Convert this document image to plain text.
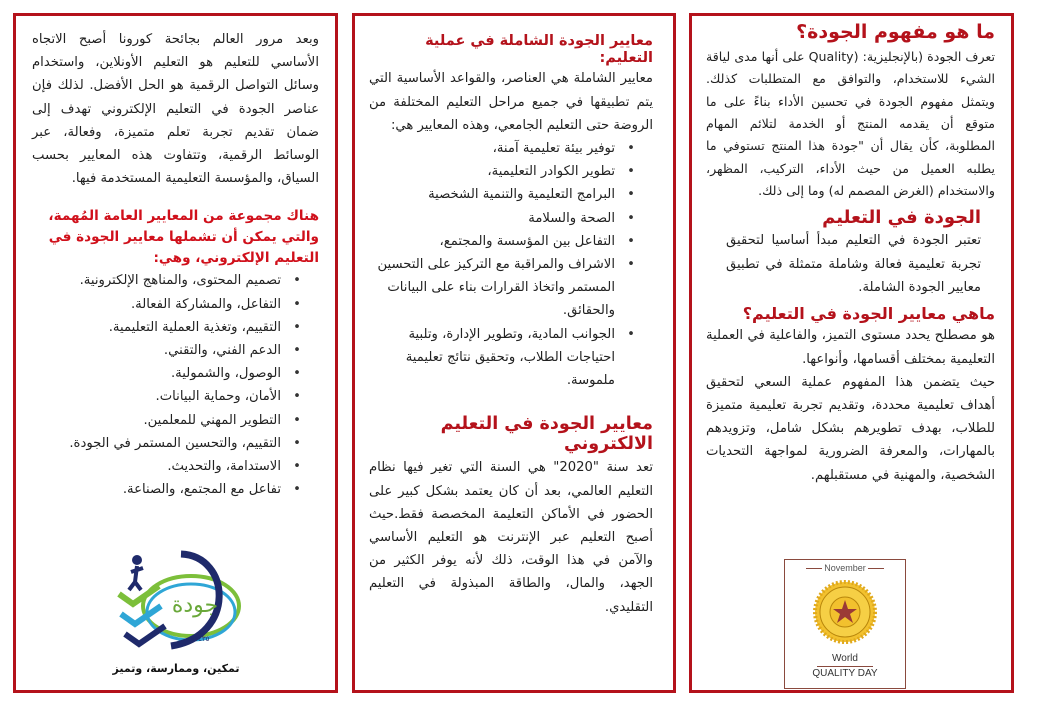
ما هو مفهوم الجودة؟

تعرف الجودة (بالإنجليزية: (Quality على أنها مدى لياقة الشيء للاستخدام، والتوافق مع المتطلبات كذلك. ويتمثل مفهوم الجودة في تحسين الأداء بناءً على ما متوقع أن يقدمه المنتج أو الخدمة لتلائم المهام المطلوبة، كأن يقال أن "جودة هذا المنتج تستوفي ما يطلبه العميل من حيث الأداء، التركيب، المظهر، والاستخدام (الغرض المصمم له) وما إلى ذلك.

الجودة في التعليم

تعتبر الجودة في التعليم مبدأ أساسيا لتحقيق تجربة تعليمية فعالة وشاملة متمثلة في تطبيق معايير الجودة الشاملة.

ماهي معايير الجودة في التعليم؟

هو مصطلح يحدد مستوى التميز، والفاعلية في العملية التعليمية بمختلف أقسامها، وأنواعها.

حيث يتضمن هذا المفهوم عملية السعي لتحقيق أهداف تعليمية محددة، وتقديم تجربة تعليمية متميزة للطلاب، بهدف تطويرهم بشكل شامل، وتزويدهم بالمهارات، والمعرفة الضرورية لمواجهة التحديات الشخصية، والمهنية في مستقبلهم.

November
World
QUALITY DAY
معايير الجودة الشاملة في عملية التعليم:

معايير الشاملة هي العناصر، والقواعد الأساسية التي يتم تطبيقها في جميع مراحل التعليم المختلفة من الروضة حتى التعليم الجامعي، وهذه المعايير هي:

• توفير بيئة تعليمية آمنة،
• تطوير الكوادر التعليمية،
• البرامج التعليمية والتنمية الشخصية
• الصحة والسلامة
• التفاعل بين المؤسسة والمجتمع،
• الاشراف والمراقبة مع التركيز على التحسين المستمر واتخاذ القرارات بناء على البيانات والحقائق.
• الجوانب المادية، وتطوير الإدارة، وتلبية احتياجات الطلاب، وتحقيق نتائج تعليمية ملموسة.
معايير الجودة في التعليم الالكتروني

تعد سنة "2020" هي السنة التي تغير فيها نظام التعليم العالمي، بعد أن كان يعتمد بشكل كبير على الحضور في الأماكن التعليمة المخصصة فقط.حيث أصبح التعليم عبر الإنترنت هو التعليم الأساسي والآمن في هذا الوقت، ذلك لأنه يوفر الكثير من الجهد، والمال، والطاقة المبذولة في التعليم التقليدي.

وبعد مرور العالم بجائحة كورونا أصبح الاتجاه الأساسي للتعليم هو التعليم الأونلاين، واستخدام وسائل التواصل الرقمية هو الحل الأفضل. لذلك فإن عناصر الجودة في التعليم الإلكتروني تهدف إلى ضمان تقديم تجربة تعلم متميزة، وفعالة، عبر الوسائط الرقمية، وتتفاوت هذه المعايير بحسب السياق، والمؤسسة التعليمية المستخدمة فيها.

هناك مجموعة من المعايير العامة المُهمة، والتي يمكن أن تشملها معايير الجودة في التعليم الإلكتروني، وهي:
• تصميم المحتوى، والمناهج الإلكترونية.
• التفاعل، والمشاركة الفعالة.
• التقييم، وتغذية العملية التعليمية.
• الدعم الفني، والتقني.
• الوصول، والشمولية.
• الأمان، وحماية البيانات.
• التطوير المهني للمعلمين.
• التقييم، والتحسين المستمر في الجودة.
• الاستدامة، والتحديث.
• تفاعل مع المجتمع، والصناعة.
جودة
١٤٣٥هـ
تمكين، وممارسة، وتميز
